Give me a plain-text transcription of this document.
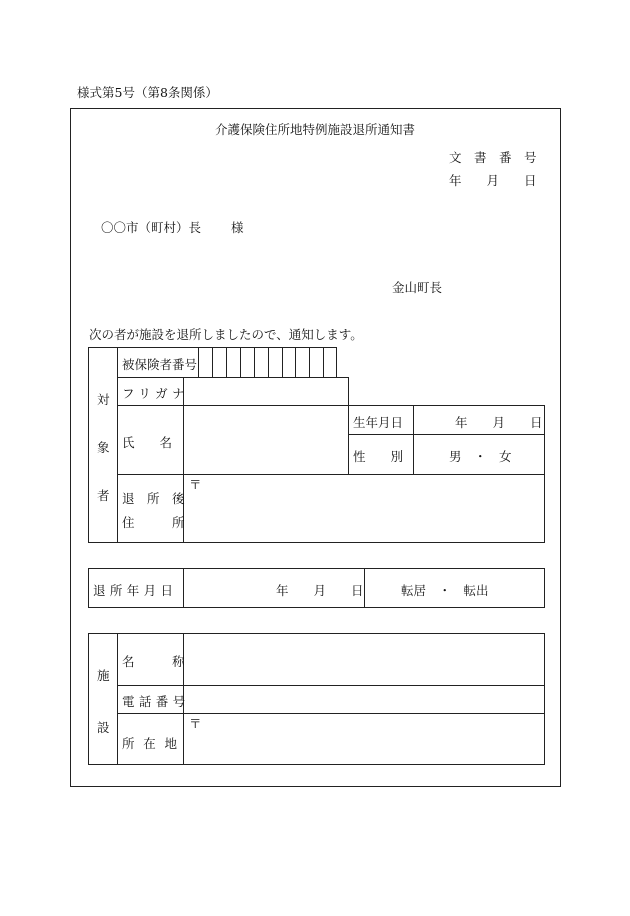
様式第5号（第8条関係）
介護保険住所地特例施設退所通知書
文　書　番　号
年　　月　　日
〇〇市（町村）長 様
金山町長
次の者が施設を退所しましたので、通知します。
対
象
者
被保険者番号
フリガナ
氏　　名
生年月日	年　　月　　日
性　　別	男　・　女
退　所　後
住　　　所
〒
退所年月日	年　　月　　日	転居　・　転出
施
設
名　　　称
電話番号
所在地
〒
